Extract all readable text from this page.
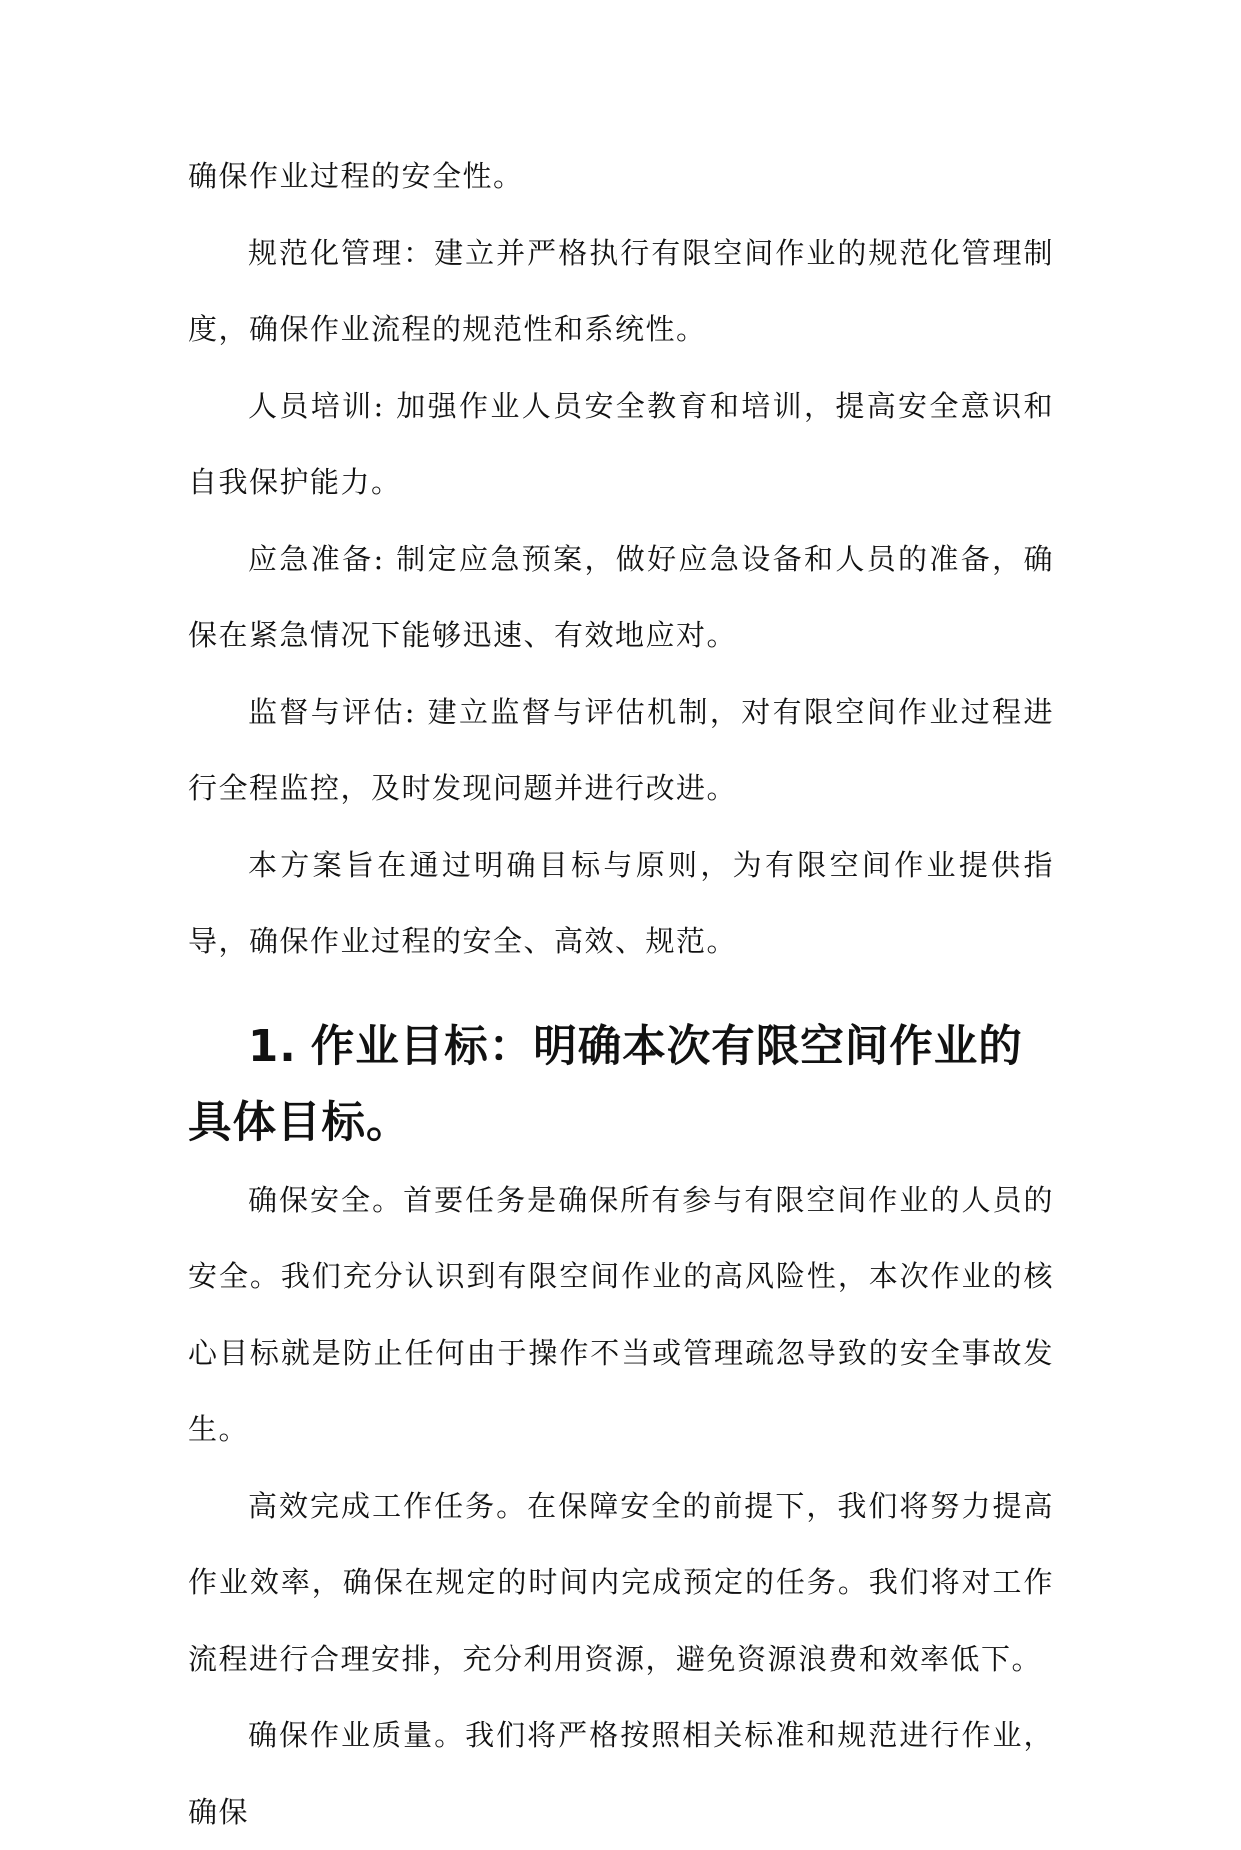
确保作业过程的安全性。

规范化管理：建立并严格执行有限空间作业的规范化管理制度，确保作业流程的规范性和系统性。

人员培训: 加强作业人员安全教育和培训，提高安全意识和自我保护能力。

应急准备: 制定应急预案，做好应急设备和人员的准备，确保在紧急情况下能够迅速、有效地应对。

监督与评估: 建立监督与评估机制，对有限空间作业过程进行全程监控，及时发现问题并进行改进。

本方案旨在通过明确目标与原则，为有限空间作业提供指导，确保作业过程的安全、高效、规范。

1. 作业目标：明确本次有限空间作业的具体目标。

确保安全。首要任务是确保所有参与有限空间作业的人员的安全。我们充分认识到有限空间作业的高风险性，本次作业的核心目标就是防止任何由于操作不当或管理疏忽导致的安全事故发生。

高效完成工作任务。在保障安全的前提下，我们将努力提高作业效率，确保在规定的时间内完成预定的任务。我们将对工作流程进行合理安排，充分利用资源，避免资源浪费和效率低下。

确保作业质量。我们将严格按照相关标准和规范进行作业，确保
